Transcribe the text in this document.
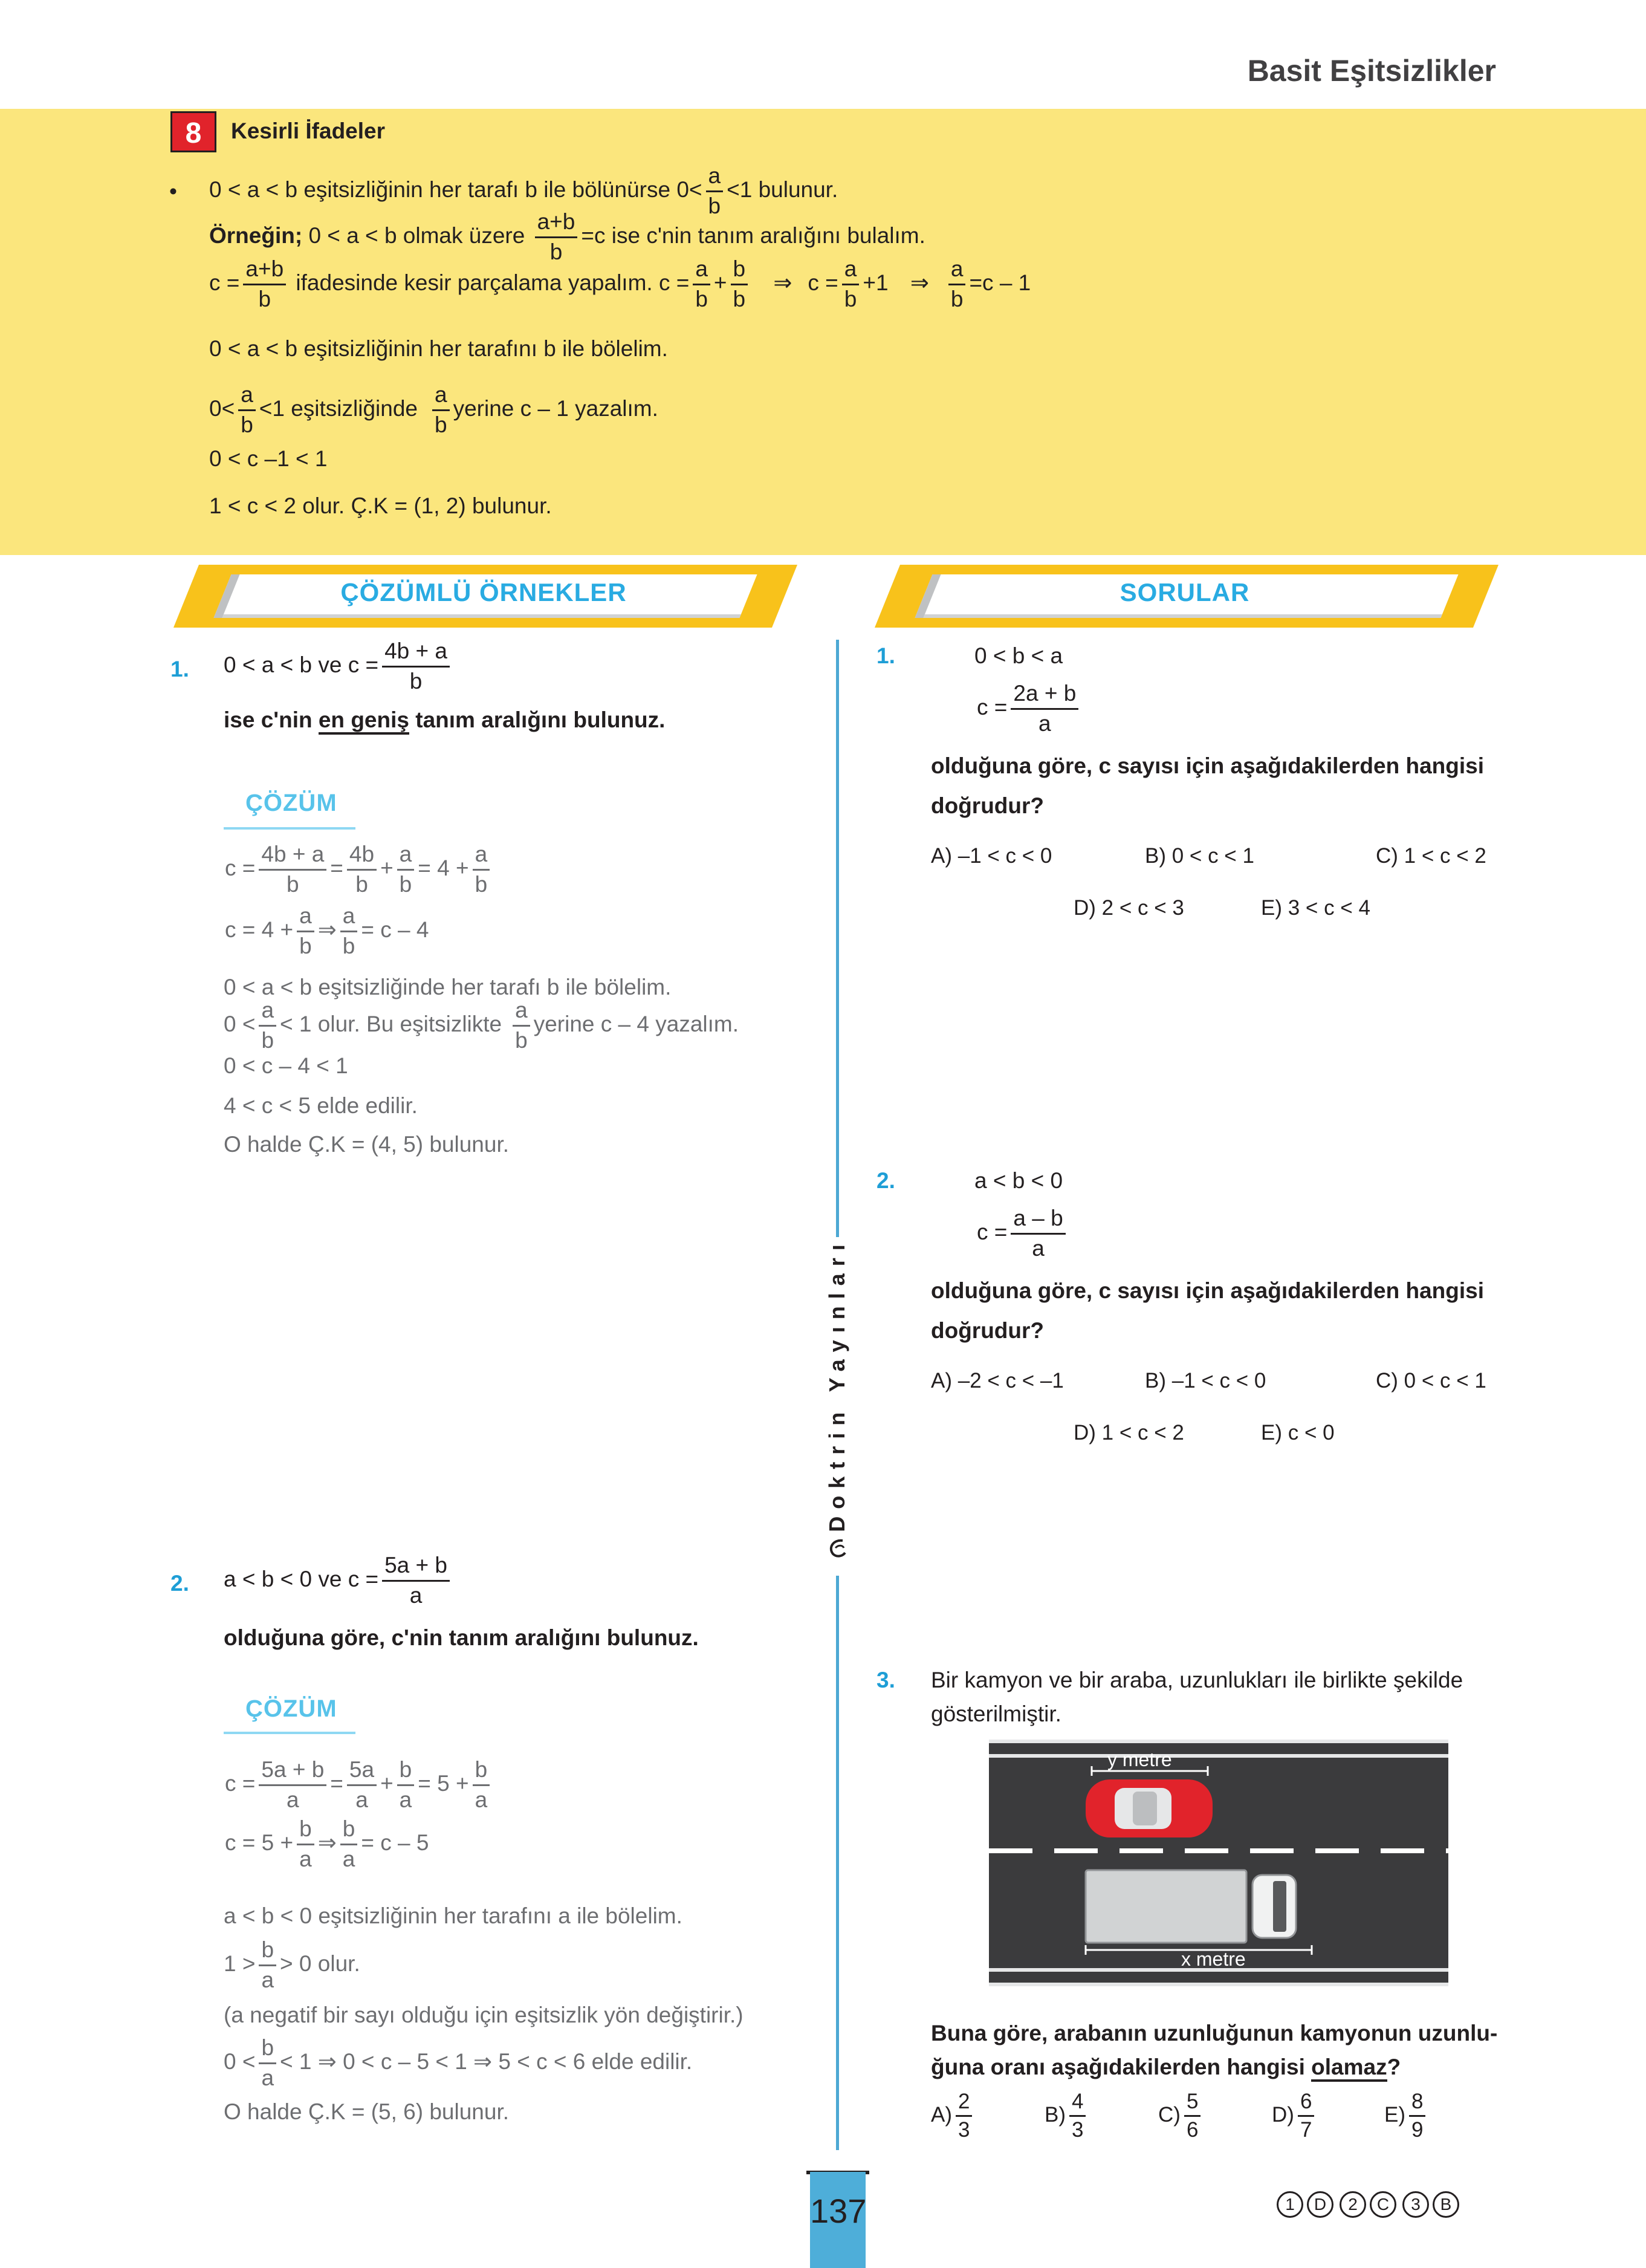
Basit Eşitsizlikler
8	Kesirli İfadeler
• 0 < a < b eşitsizliğinin her tarafı b ile bölünürse $0< \frac{a}{b} <1$ bulunur.
Örneğin; 0 < a < b olmak üzere $\frac{a+b}{b} =c$ ise c'nin tanım aralığını bulalım.
$c = \frac{a+b}{b}$ ifadesinde kesir parçalama yapalım. $c = \frac{a}{b} + \frac{b}{b}$ ⇒ $c = \frac{a}{b} +1$ ⇒ $\frac{a}{b} =c - 1$
0 < a < b eşitsizliğinin her tarafını b ile bölelim.
$0< \frac{a}{b} <1$ eşitsizliğinde $\frac{a}{b}$ yerine c – 1 yazalım.
0 < c –1 < 1
1 < c < 2 olur. Ç.K = (1, 2) bulunur.
ÇÖZÜMLÜ ÖRNEKLER	SORULAR
Doktrin Yayınları
1. 0 < a < b ve $c = \frac{4b + a}{b}$
ise c'nin en geniş tanım aralığını bulunuz.
ÇÖZÜM
$c = \frac{4b + a}{b} = \frac{4b}{b} + \frac{a}{b} = 4 + \frac{a}{b}$
$c = 4 + \frac{a}{b}$ ⇒ $\frac{a}{b} = c - 4$
0 < a < b eşitsizliğinde her tarafı b ile bölelim.
$0 < \frac{a}{b} < 1$ olur. Bu eşitsizlikte $\frac{a}{b}$ yerine c – 4 yazalım.
0 < c – 4 < 1
4 < c < 5 elde edilir.
O halde Ç.K = (4, 5) bulunur.
2. a < b < 0 ve $c = \frac{5a + b}{a}$
olduğuna göre, c'nin tanım aralığını bulunuz.
ÇÖZÜM
$c = \frac{5a + b}{a} = \frac{5a}{a} + \frac{b}{a} = 5 + \frac{b}{a}$
$c = 5 + \frac{b}{a}$ ⇒ $\frac{b}{a} = c - 5$
a < b < 0 eşitsizliğinin her tarafını a ile bölelim.
$1 > \frac{b}{a} > 0$ olur.
(a negatif bir sayı olduğu için eşitsizlik yön değiştirir.)
$0 < \frac{b}{a} < 1$ ⇒ 0 < c – 5 < 1 ⇒ 5 < c < 6 elde edilir.
O halde Ç.K = (5, 6) bulunur.
1.	0 < b < a
$c = \frac{2a + b}{a}$
olduğuna göre, c sayısı için aşağıdakilerden hangisi
doğrudur?
A) –1 < c < 0	B) 0 < c < 1	C) 1 < c < 2
D) 2 < c < 3	E) 3 < c < 4
2.	a < b < 0
$c = \frac{a - b}{a}$
olduğuna göre, c sayısı için aşağıdakilerden hangisi
doğrudur?
A) –2 < c < –1	B) –1 < c < 0	C) 0 < c < 1
D) 1 < c < 2	E) c < 0
3. Bir kamyon ve bir araba, uzunlukları ile birlikte şekilde
gösterilmiştir.
y metre
x metre
Buna göre, arabanın uzunluğunun kamyonun uzunlu-
ğuna oranı aşağıdakilerden hangisi olamaz?
$A) \frac{2}{3}$	$B) \frac{4}{3}$	$C) \frac{5}{6}$	$D) \frac{6}{7}$	$E) \frac{8}{9}$
137	1	D	2	C	3	B
